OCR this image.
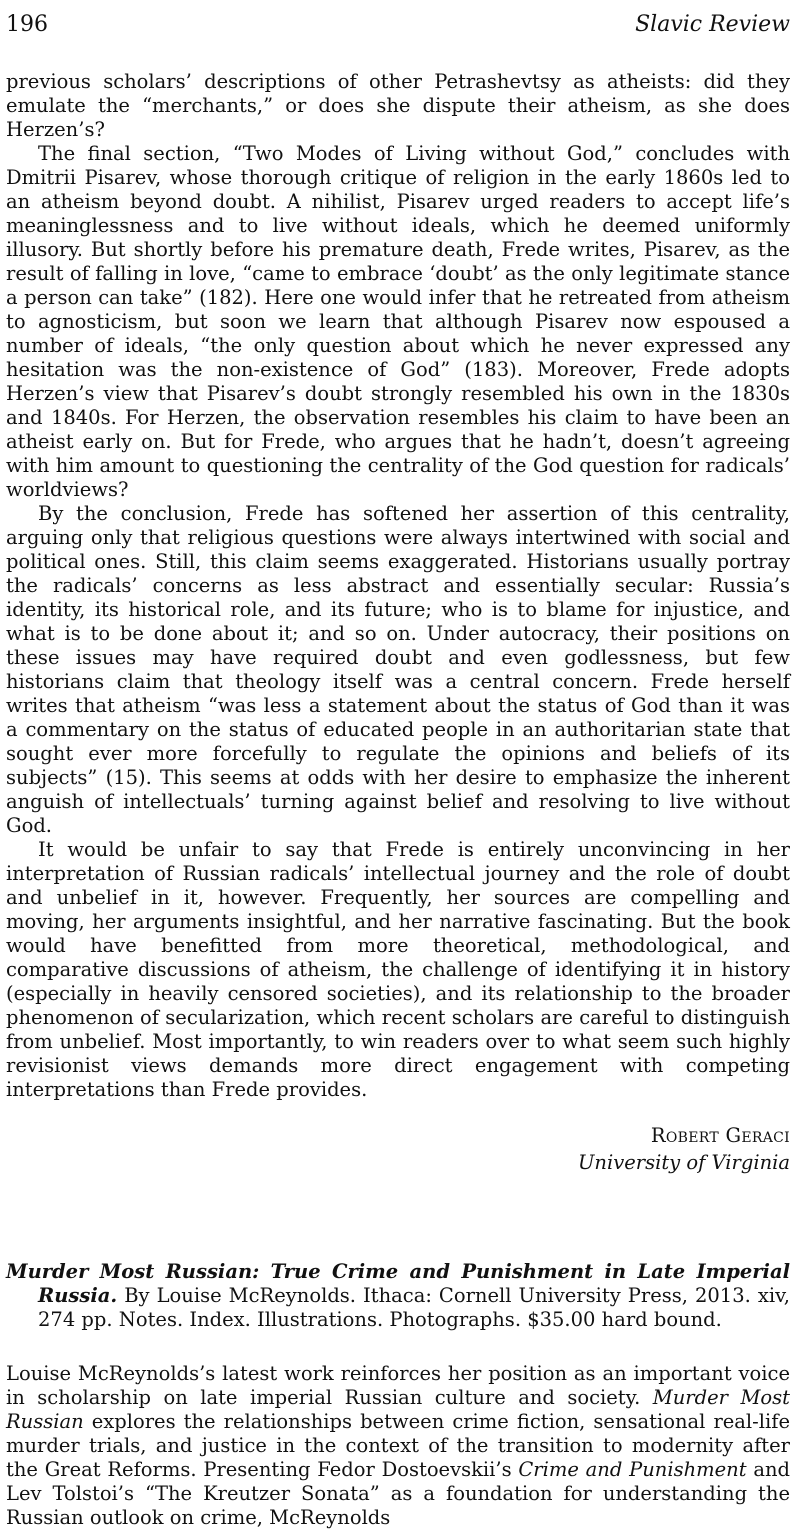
196	Slavic Review

previous scholars’ descriptions of other Petrashevtsy as atheists: did they emulate the “merchants,” or does she dispute their atheism, as she does Herzen’s?

The final section, “Two Modes of Living without God,” concludes with Dmitrii Pisarev, whose thorough critique of religion in the early 1860s led to an atheism beyond doubt. A nihilist, Pisarev urged readers to accept life’s meaninglessness and to live without ideals, which he deemed uniformly illusory. But shortly before his premature death, Frede writes, Pisarev, as the result of falling in love, “came to embrace ‘doubt’ as the only legitimate stance a person can take” (182). Here one would infer that he retreated from atheism to agnosticism, but soon we learn that although Pisarev now espoused a number of ideals, “the only question about which he never expressed any hesitation was the non-existence of God” (183). Moreover, Frede adopts Herzen’s view that Pisarev’s doubt strongly resembled his own in the 1830s and 1840s. For Herzen, the observation resembles his claim to have been an atheist early on. But for Frede, who argues that he hadn’t, doesn’t agreeing with him amount to questioning the centrality of the God question for radicals’ worldviews?

By the conclusion, Frede has softened her assertion of this centrality, arguing only that religious questions were always intertwined with social and political ones. Still, this claim seems exaggerated. Historians usually portray the radicals’ concerns as less abstract and essentially secular: Russia’s identity, its historical role, and its future; who is to blame for injustice, and what is to be done about it; and so on. Under autocracy, their positions on these issues may have required doubt and even godlessness, but few historians claim that theology itself was a central concern. Frede herself writes that atheism “was less a statement about the status of God than it was a commentary on the status of educated people in an authoritarian state that sought ever more forcefully to regulate the opinions and beliefs of its subjects” (15). This seems at odds with her desire to emphasize the inherent anguish of intellectuals’ turning against belief and resolving to live without God.

It would be unfair to say that Frede is entirely unconvincing in her interpretation of Russian radicals’ intellectual journey and the role of doubt and unbelief in it, however. Frequently, her sources are compelling and moving, her arguments insightful, and her narrative fascinating. But the book would have benefitted from more theoretical, methodological, and comparative discussions of atheism, the challenge of identifying it in history (especially in heavily censored societies), and its relationship to the broader phenomenon of secularization, which recent scholars are careful to distinguish from unbelief. Most importantly, to win readers over to what seem such highly revisionist views demands more direct engagement with competing interpretations than Frede provides.

Robert Geraci
University of Virginia
Murder Most Russian: True Crime and Punishment in Late Imperial Russia. By Louise McReynolds. Ithaca: Cornell University Press, 2013. xiv, 274 pp. Notes. Index. Illustrations. Photographs. $35.00 hard bound.

Louise McReynolds’s latest work reinforces her position as an important voice in scholarship on late imperial Russian culture and society. Murder Most Russian explores the relationships between crime fiction, sensational real-life murder trials, and justice in the context of the transition to modernity after the Great Reforms. Presenting Fedor Dostoevskii’s Crime and Punishment and Lev Tolstoi’s “The Kreutzer Sonata” as a foundation for understanding the Russian outlook on crime, McReynolds
